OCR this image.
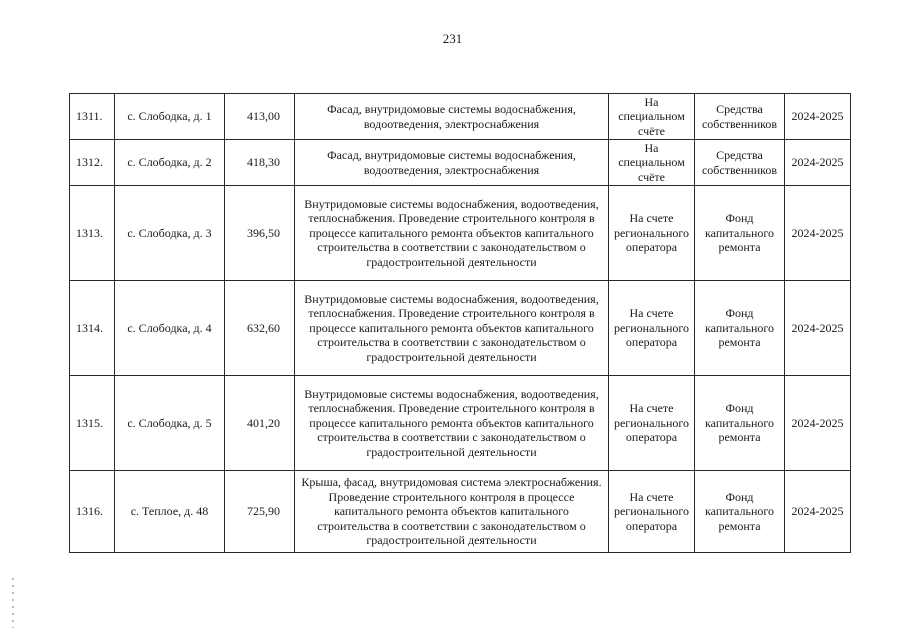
231
1311.	с. Слободка, д. 1	413,00	Фасад, внутридомовые системы водоснабжения, водоотведения, электроснабжения	На специальном счёте	Средства собственников	2024-2025
1312.	с. Слободка, д. 2	418,30	Фасад, внутридомовые системы водоснабжения, водоотведения, электроснабжения	На специальном счёте	Средства собственников	2024-2025
1313.	с. Слободка, д. 3	396,50	Внутридомовые системы водоснабжения, водоотведения, теплоснабжения. Проведение строительного контроля в процессе капитального ремонта объектов капитального строительства в соответствии с законодательством о градостроительной деятельности	На счете регионального оператора	Фонд капитального ремонта	2024-2025
1314.	с. Слободка, д. 4	632,60	Внутридомовые системы водоснабжения, водоотведения, теплоснабжения. Проведение строительного контроля в процессе капитального ремонта объектов капитального строительства в соответствии с законодательством о градостроительной деятельности	На счете регионального оператора	Фонд капитального ремонта	2024-2025
1315.	с. Слободка, д. 5	401,20	Внутридомовые системы водоснабжения, водоотведения, теплоснабжения. Проведение строительного контроля в процессе капитального ремонта объектов капитального строительства в соответствии с законодательством о градостроительной деятельности	На счете регионального оператора	Фонд капитального ремонта	2024-2025
1316.	с. Теплое, д. 48	725,90	Крыша, фасад, внутридомовая система электроснабжения. Проведение строительного контроля в процессе капитального ремонта объектов капитального строительства в соответствии с законодательством о градостроительной деятельности	На счете регионального оператора	Фонд капитального ремонта	2024-2025
